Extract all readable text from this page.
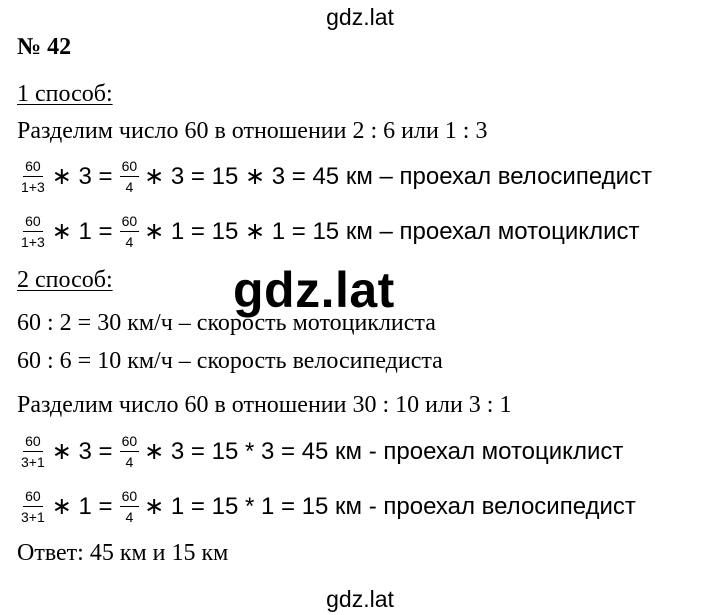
gdz.lat
№ 42
1 способ:
Разделим число 60 в отношении 2 : 6 или 1 : 3
$\frac{60}{1+3}$ ∗ $3 = \frac{60}{4}$ ∗ 3 = 15 ∗ 3 = 45 км – проехал велосипедист
$\frac{60}{1+3}$ ∗ $1 = \frac{60}{4}$ ∗ 1 = 15 ∗ 1 = 15 км – проехал мотоциклист
2 способ: gdz.lat
60 : 2 = 30 км/ч – скорость мотоциклиста
60 : 6 = 10 км/ч – скорость велосипедиста
Разделим число 60 в отношении 30 : 10 или 3 : 1
$\frac{60}{3+1}$ ∗ $3 = \frac{60}{4}$ ∗ 3 = 15 * 3 = 45 км - проехал мотоциклист
$\frac{60}{3+1}$ ∗ $1 = \frac{60}{4}$ ∗ 1 = 15 * 1 = 15 км - проехал велосипедист
Ответ: 45 км и 15 км
gdz.lat
